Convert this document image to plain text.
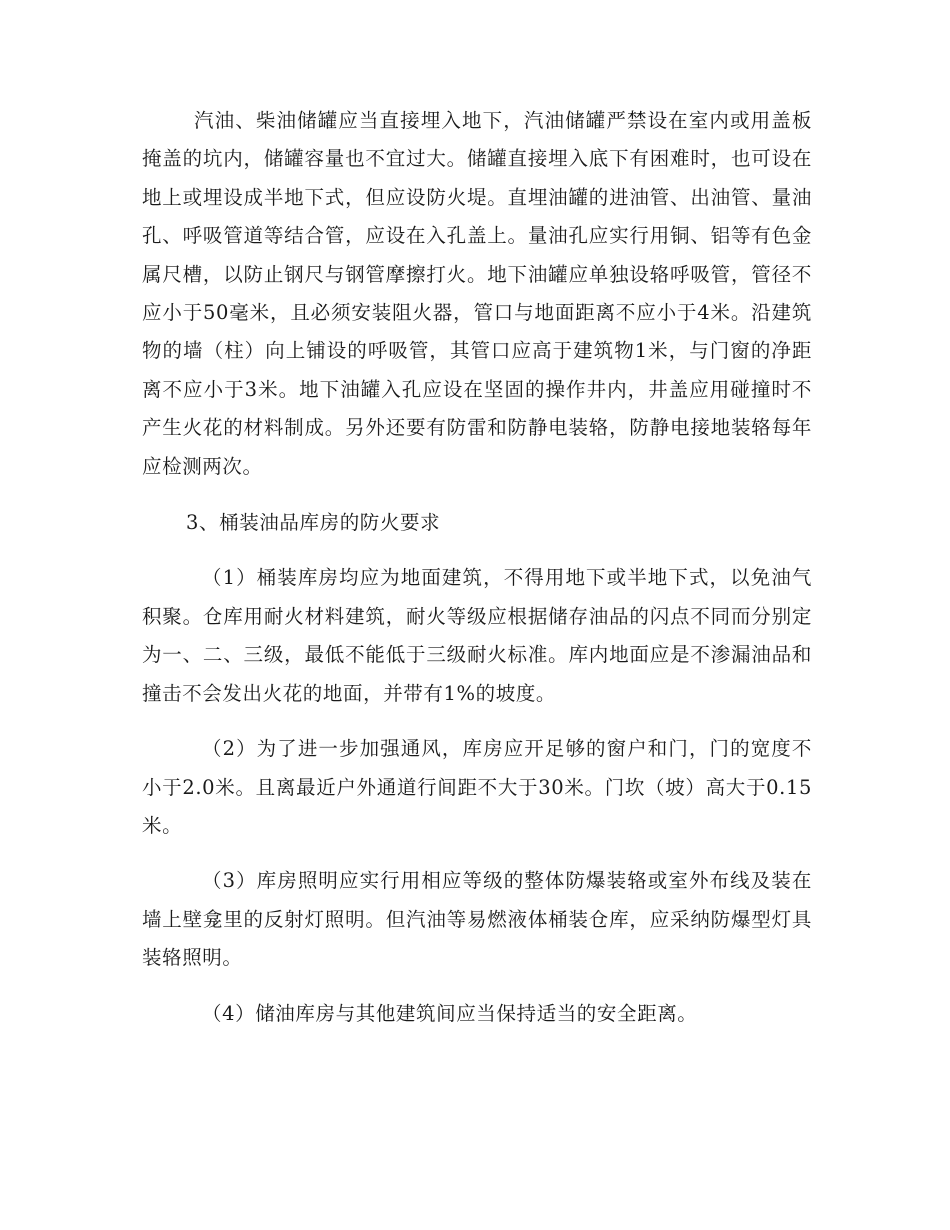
汽油、柴油储罐应当直接埋入地下，汽油储罐严禁设在室内或用盖板掩盖的坑内，储罐容量也不宜过大。储罐直接埋入底下有困难时，也可设在地上或埋设成半地下式，但应设防火堤。直埋油罐的进油管、出油管、量油孔、呼吸管道等结合管，应设在入孔盖上。量油孔应实行用铜、铝等有色金属尺槽，以防止钢尺与钢管摩擦打火。地下油罐应单独设辂呼吸管，管径不应小于50毫米，且必须安装阻火器，管口与地面距离不应小于4米。沿建筑物的墙（柱）向上铺设的呼吸管，其管口应高于建筑物1米，与门窗的净距离不应小于3米。地下油罐入孔应设在坚固的操作井内，井盖应用碰撞时不产生火花的材料制成。另外还要有防雷和防静电装辂，防静电接地装辂每年应检测两次。

3、桶装油品库房的防火要求

（1）桶装库房均应为地面建筑，不得用地下或半地下式，以免油气积聚。仓库用耐火材料建筑，耐火等级应根据储存油品的闪点不同而分别定为一、二、三级，最低不能低于三级耐火标准。库内地面应是不渗漏油品和撞击不会发出火花的地面，并带有1%的坡度。

（2）为了进一步加强通风，库房应开足够的窗户和门，门的宽度不小于2.0米。且离最近户外通道行间距不大于30米。门坎（坡）高大于0.15米。

（3）库房照明应实行用相应等级的整体防爆装辂或室外布线及装在墙上壁龛里的反射灯照明。但汽油等易燃液体桶装仓库，应采纳防爆型灯具装辂照明。

（4）储油库房与其他建筑间应当保持适当的安全距离。
